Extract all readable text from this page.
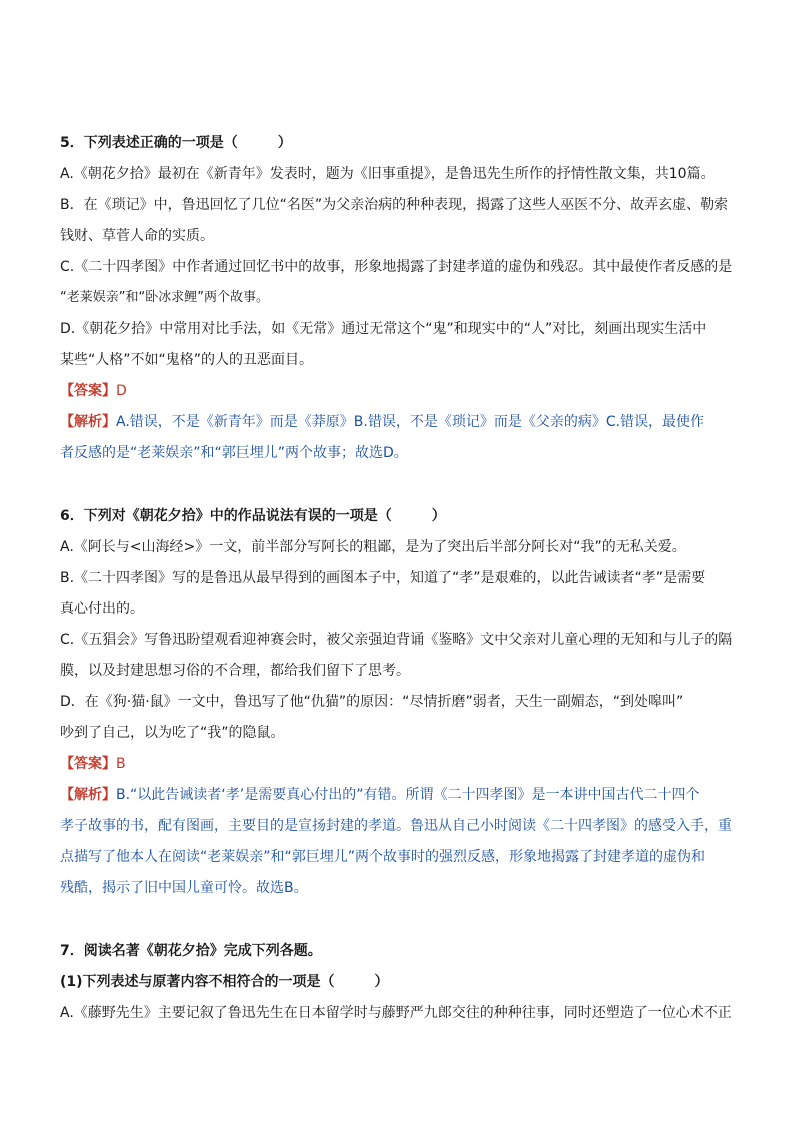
5．下列表述正确的一项是（	）
A.《朝花夕拾》最初在《新青年》发表时，题为《旧事重提》，是鲁迅先生所作的抒情性散文集，共10篇。
B．在《琐记》中，鲁迅回忆了几位“名医”为父亲治病的种种表现，揭露了这些人巫医不分、故弄玄虚、勒索
钱财、草菅人命的实质。
C.《二十四孝图》中作者通过回忆书中的故事，形象地揭露了封建孝道的虚伪和残忍。其中最使作者反感的是
“老莱娱亲”和“卧冰求鲤”两个故事。
D.《朝花夕拾》中常用对比手法，如《无常》通过无常这个“鬼”和现实中的“人”对比，刻画出现实生活中
某些“人格”不如“鬼格”的人的丑恶面目。
【答案】D
【解析】A.错误，不是《新青年》而是《莽原》B.错误，不是《琐记》而是《父亲的病》C.错误，最使作
者反感的是“老莱娱亲”和“郭巨埋儿”两个故事；故选D。
6．下列对《朝花夕拾》中的作品说法有误的一项是（	）
A.《阿长与<山海经>》一文，前半部分写阿长的粗鄙，是为了突出后半部分阿长对“我”的无私关爱。
B.《二十四孝图》写的是鲁迅从最早得到的画图本子中，知道了“孝”是艰难的，以此告诫读者“孝”是需要
真心付出的。
C.《五猖会》写鲁迅盼望观看迎神赛会时，被父亲强迫背诵《鉴略》文中父亲对儿童心理的无知和与儿子的隔
膜，以及封建思想习俗的不合理，都给我们留下了思考。
D．在《狗·猫·鼠》一文中，鲁迅写了他“仇猫”的原因：“尽情折磨”弱者，天生一副媚态，“到处嗥叫”
吵到了自己，以为吃了“我”的隐鼠。
【答案】B
【解析】B.“以此告诫读者‘孝’是需要真心付出的”有错。所谓《二十四孝图》是一本讲中国古代二十四个
孝子故事的书，配有图画，主要目的是宣扬封建的孝道。鲁迅从自己小时阅读《二十四孝图》的感受入手，重
点描写了他本人在阅读“老莱娱亲”和“郭巨埋儿”两个故事时的强烈反感，形象地揭露了封建孝道的虚伪和
残酷，揭示了旧中国儿童可怜。故选B。
7．阅读名著《朝花夕拾》完成下列各题。
(1)下列表述与原著内容不相符合的一项是（	）
A.《藤野先生》主要记叙了鲁迅先生在日本留学时与藤野严九郎交往的种种往事，同时还塑造了一位心术不正
